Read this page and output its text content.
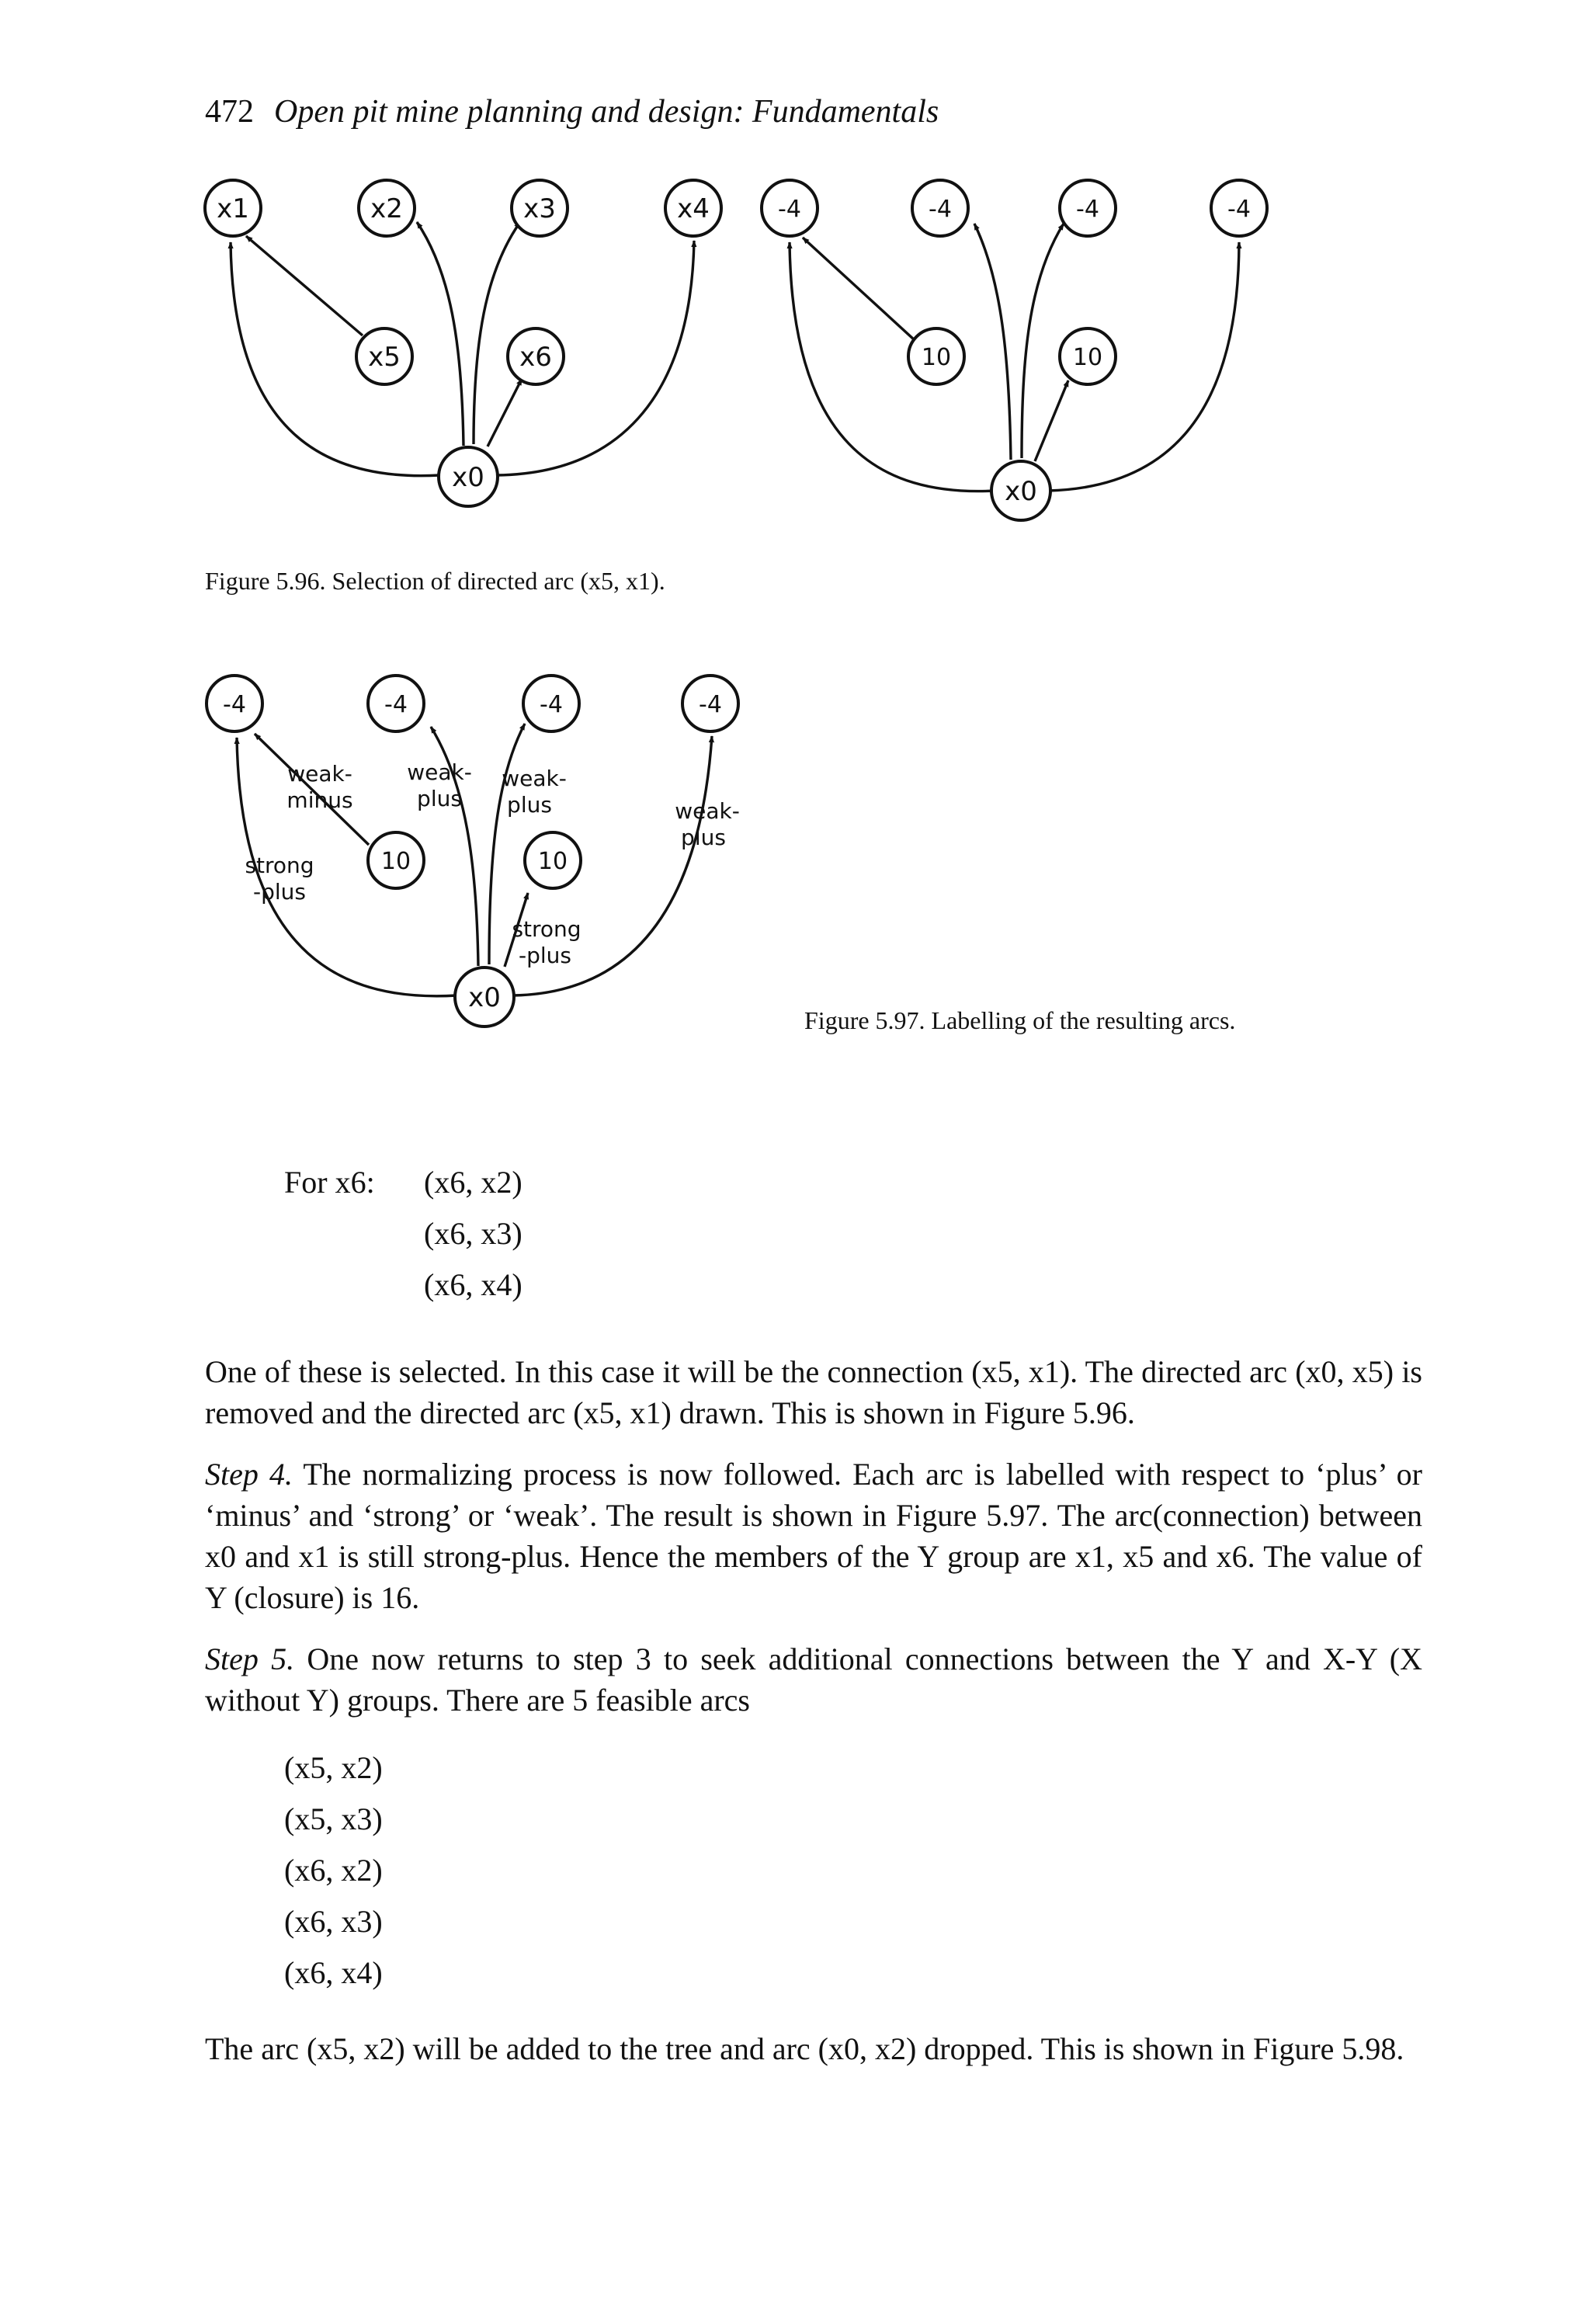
472 Open pit mine planning and design: Fundamentals
x1	x2	x3	x4
x5	x6
x0
-4	-4	-4	-4
10	10
x0
-4	-4	-4	-4
10	10
x0
weak-
minus
weak-
plus
weak-
plus	weak-
plus
strong
-plus
strong
-plus
Figure 5.96. Selection of directed arc (x5, x1).
Figure 5.97. Labelling of the resulting arcs.
For x6: (x6, x2)
(x6, x3)
(x6, x4)

One of these is selected. In this case it will be the connection (x5, x1). The directed arc (x0, x5) is removed and the directed arc (x5, x1) drawn. This is shown in Figure 5.96.

Step 4. The normalizing process is now followed. Each arc is labelled with respect to ‘plus’ or ‘minus’ and ‘strong’ or ‘weak’. The result is shown in Figure 5.97. The arc(connection) between x0 and x1 is still strong-plus. Hence the members of the Y group are x1, x5 and x6. The value of Y (closure) is 16.

Step 5. One now returns to step 3 to seek additional connections between the Y and X-Y (X without Y) groups. There are 5 feasible arcs

(x5, x2)
(x5, x3)
(x6, x2)
(x6, x3)
(x6, x4)
The arc (x5, x2) will be added to the tree and arc (x0, x2) dropped. This is shown in Figure 5.98.
